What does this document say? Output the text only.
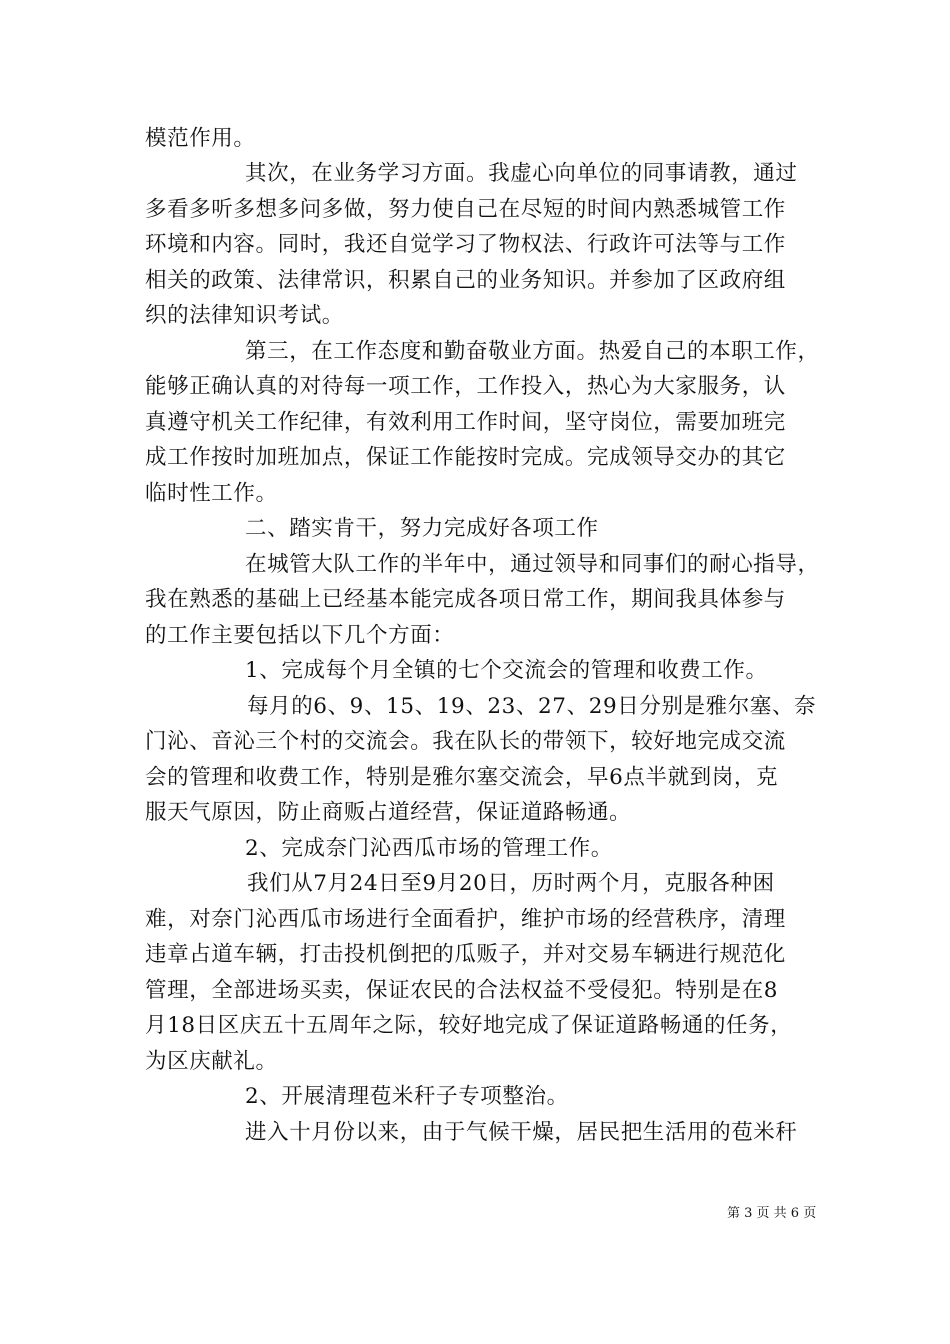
模范作用。
其次，在业务学习方面。我虚心向单位的同事请教，通过
多看多听多想多问多做，努力使自己在尽短的时间内熟悉城管工作
环境和内容。同时，我还自觉学习了物权法、行政许可法等与工作
相关的政策、法律常识，积累自己的业务知识。并参加了区政府组
织的法律知识考试。
第三，在工作态度和勤奋敬业方面。热爱自己的本职工作，
能够正确认真的对待每一项工作，工作投入，热心为大家服务，认
真遵守机关工作纪律，有效利用工作时间，坚守岗位，需要加班完
成工作按时加班加点，保证工作能按时完成。完成领导交办的其它
临时性工作。
二、踏实肯干，努力完成好各项工作
在城管大队工作的半年中，通过领导和同事们的耐心指导，
我在熟悉的基础上已经基本能完成各项日常工作，期间我具体参与
的工作主要包括以下几个方面：
1、完成每个月全镇的七个交流会的管理和收费工作。
每月的6、9、15、19、23、27、29日分别是雅尔塞、奈
门沁、音沁三个村的交流会。我在队长的带领下，较好地完成交流
会的管理和收费工作，特别是雅尔塞交流会，早6点半就到岗，克
服天气原因，防止商贩占道经营，保证道路畅通。
2、完成奈门沁西瓜市场的管理工作。
我们从7月24日至9月20日，历时两个月，克服各种困
难，对奈门沁西瓜市场进行全面看护，维护市场的经营秩序，清理
违章占道车辆，打击投机倒把的瓜贩子，并对交易车辆进行规范化
管理，全部进场买卖，保证农民的合法权益不受侵犯。特别是在8
月18日区庆五十五周年之际，较好地完成了保证道路畅通的任务，
为区庆献礼。
2、开展清理苞米秆子专项整治。
进入十月份以来，由于气候干燥，居民把生活用的苞米秆
第 3 页 共 6 页
